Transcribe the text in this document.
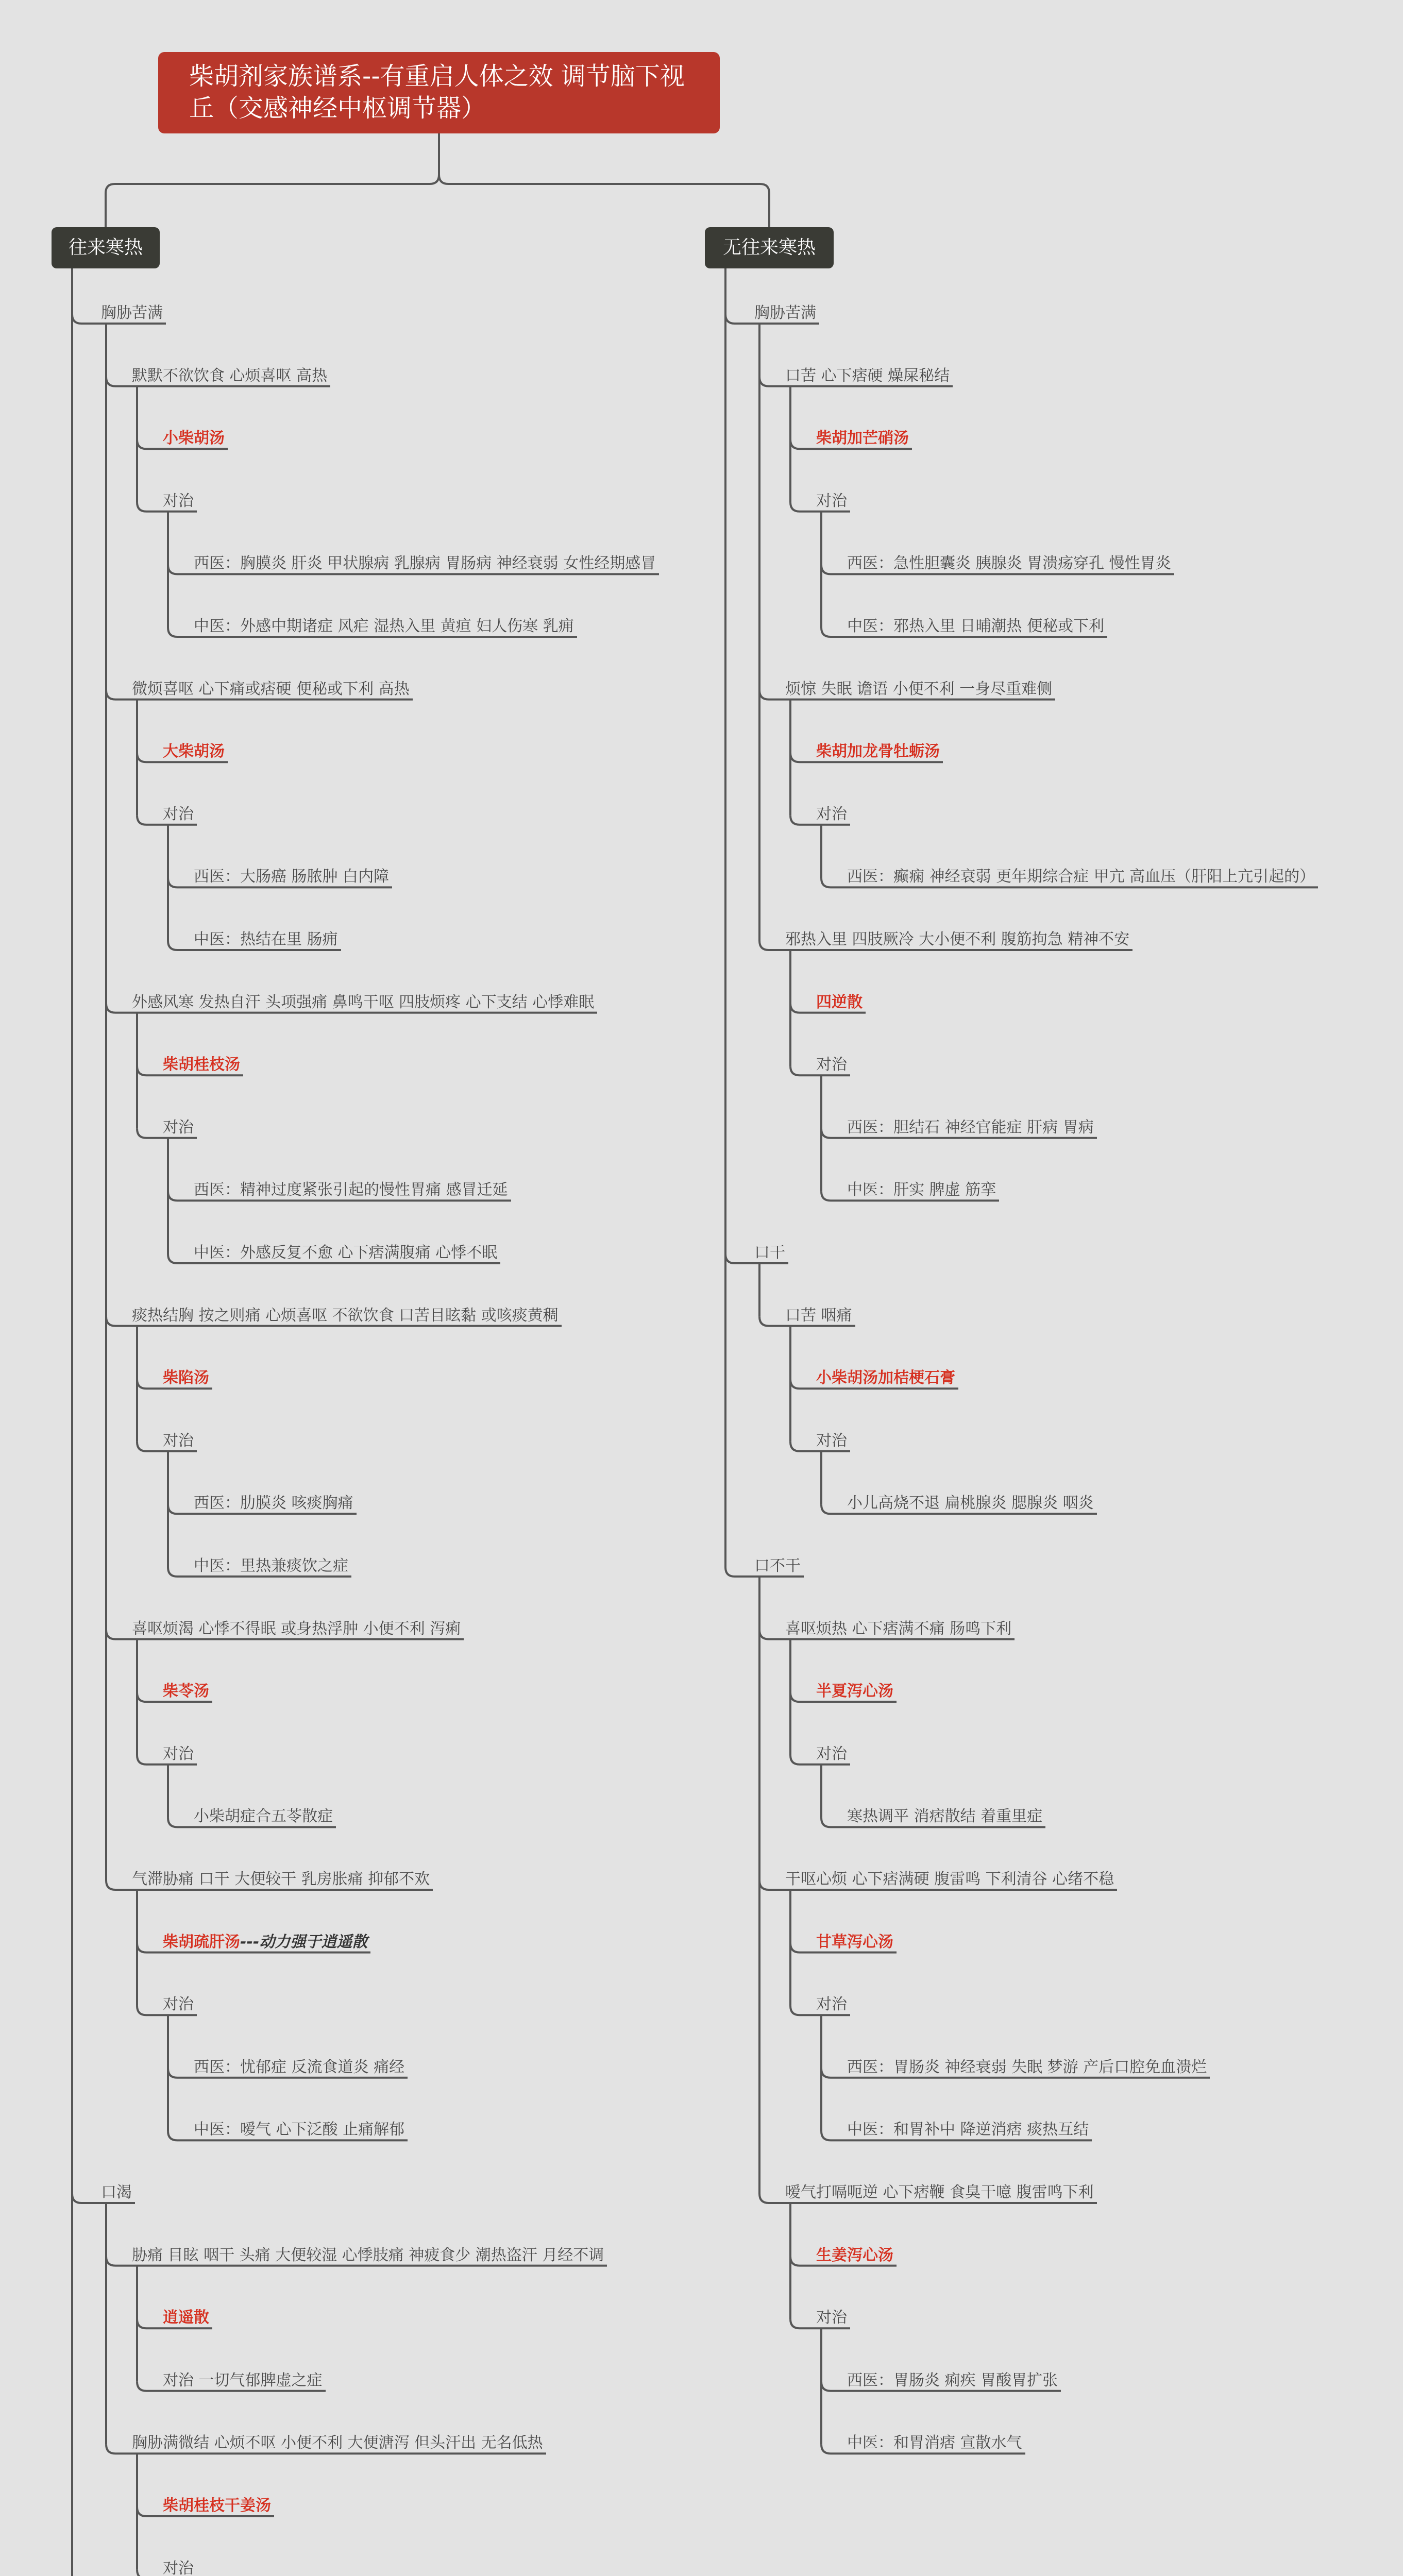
柴胡剂家族谱系--有重启人体之效 调节脑下视丘（交感神经中枢调节器）
往来寒热
胸胁苦满
默默不欲饮食 心烦喜呕 高热
小柴胡汤
对治
西医：胸膜炎 肝炎 甲状腺病 乳腺病 胃肠病 神经衰弱 女性经期感冒
中医：外感中期诸症 风疟 湿热入里 黄疸 妇人伤寒 乳痈
微烦喜呕 心下痛或痞硬 便秘或下利 高热
大柴胡汤
对治
西医：大肠癌 肠脓肿 白内障
中医：热结在里 肠痈
外感风寒 发热自汗 头项强痛 鼻鸣干呕 四肢烦疼 心下支结 心悸难眠
柴胡桂枝汤
对治
西医：精神过度紧张引起的慢性胃痛 感冒迁延
中医：外感反复不愈 心下痞满腹痛 心悸不眠
痰热结胸 按之则痛 心烦喜呕 不欲饮食 口苦目眩黏 或咳痰黄稠
柴陷汤
对治
西医：肋膜炎 咳痰胸痛
中医：里热兼痰饮之症
喜呕烦渴 心悸不得眠 或身热浮肿 小便不利 泻痢
柴苓汤
对治
小柴胡症合五苓散症
气滞胁痛 口干 大便较干 乳房胀痛 抑郁不欢
柴胡疏肝汤---动力强于逍遥散
对治
西医：忧郁症 反流食道炎 痛经
中医：嗳气 心下泛酸 止痛解郁
口渴
胁痛 目眩 咽干 头痛 大便较湿 心悸肢痛 神疲食少 潮热盗汗 月经不调
逍遥散
对治 一切气郁脾虚之症
胸胁满微结 心烦不呕 小便不利 大便溏泻 但头汗出 无名低热
柴胡桂枝干姜汤
对治
无往来寒热
胸胁苦满
口苦 心下痞硬 燥屎秘结
柴胡加芒硝汤
对治
西医：急性胆囊炎 胰腺炎 胃溃疡穿孔 慢性胃炎
中医：邪热入里 日晡潮热 便秘或下利
烦惊 失眠 谵语 小便不利 一身尽重难侧
柴胡加龙骨牡蛎汤
对治
西医：癫痫 神经衰弱 更年期综合症 甲亢 高血压（肝阳上亢引起的）
邪热入里 四肢厥冷 大小便不利 腹筋拘急 精神不安
四逆散
对治
西医：胆结石 神经官能症 肝病 胃病
中医：肝实 脾虚 筋挛
口干
口苦 咽痛
小柴胡汤加桔梗石膏
对治
小儿高烧不退 扁桃腺炎 腮腺炎 咽炎
口不干
喜呕烦热 心下痞满不痛 肠鸣下利
半夏泻心汤
对治
寒热调平 消痞散结 着重里症
干呕心烦 心下痞满硬 腹雷鸣 下利清谷 心绪不稳
甘草泻心汤
对治
西医：胃肠炎 神经衰弱 失眠 梦游 产后口腔免血溃烂
中医：和胃补中 降逆消痞 痰热互结
嗳气打嗝呃逆 心下痞鞭 食臭干噫 腹雷鸣下利
生姜泻心汤
对治
西医：胃肠炎 痢疾 胃酸胃扩张
中医：和胃消痞 宣散水气
